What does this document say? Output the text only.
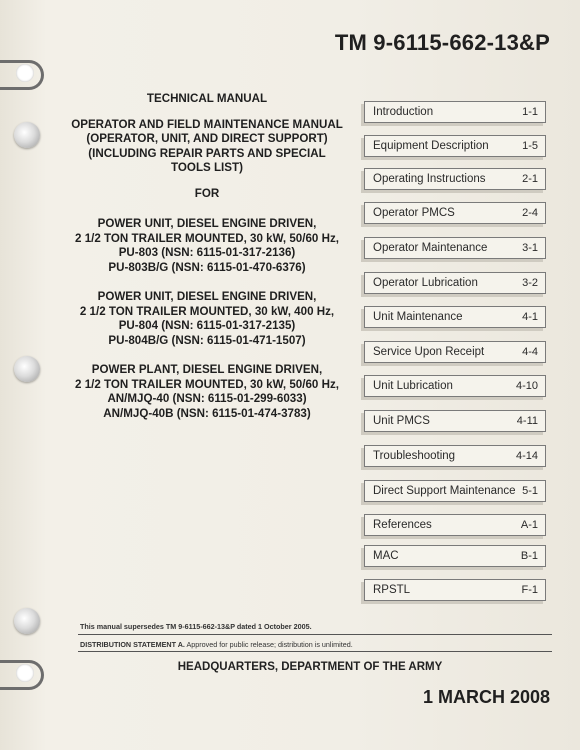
TM 9-6115-662-13&P
TECHNICAL MANUAL
OPERATOR AND FIELD MAINTENANCE MANUAL
(OPERATOR, UNIT, AND DIRECT SUPPORT)
(INCLUDING REPAIR PARTS AND SPECIAL
TOOLS LIST)
FOR
POWER UNIT, DIESEL ENGINE DRIVEN,
2 1/2 TON TRAILER MOUNTED, 30 kW, 50/60 Hz,
PU-803 (NSN: 6115-01-317-2136)
PU-803B/G (NSN: 6115-01-470-6376)
POWER UNIT, DIESEL ENGINE DRIVEN,
2 1/2 TON TRAILER MOUNTED, 30 kW, 400 Hz,
PU-804 (NSN: 6115-01-317-2135)
PU-804B/G (NSN: 6115-01-471-1507)
POWER PLANT, DIESEL ENGINE DRIVEN,
2 1/2 TON TRAILER MOUNTED, 30 kW, 50/60 Hz,
AN/MJQ-40 (NSN: 6115-01-299-6033)
AN/MJQ-40B (NSN: 6115-01-474-3783)
Introduction	1-1
Equipment Description	1-5
Operating Instructions	2-1
Operator PMCS	2-4
Operator Maintenance	3-1
Operator Lubrication	3-2
Unit Maintenance	4-1
Service Upon Receipt	4-4
Unit Lubrication	4-10
Unit PMCS	4-11
Troubleshooting	4-14
Direct Support Maintenance 5-1
References	A-1
MAC	B-1
RPSTL	F-1
This manual supersedes TM 9-6115-662-13&P dated 1 October 2005.
DISTRIBUTION STATEMENT A. Approved for public release; distribution is unlimited.
HEADQUARTERS, DEPARTMENT OF THE ARMY
1 MARCH 2008
